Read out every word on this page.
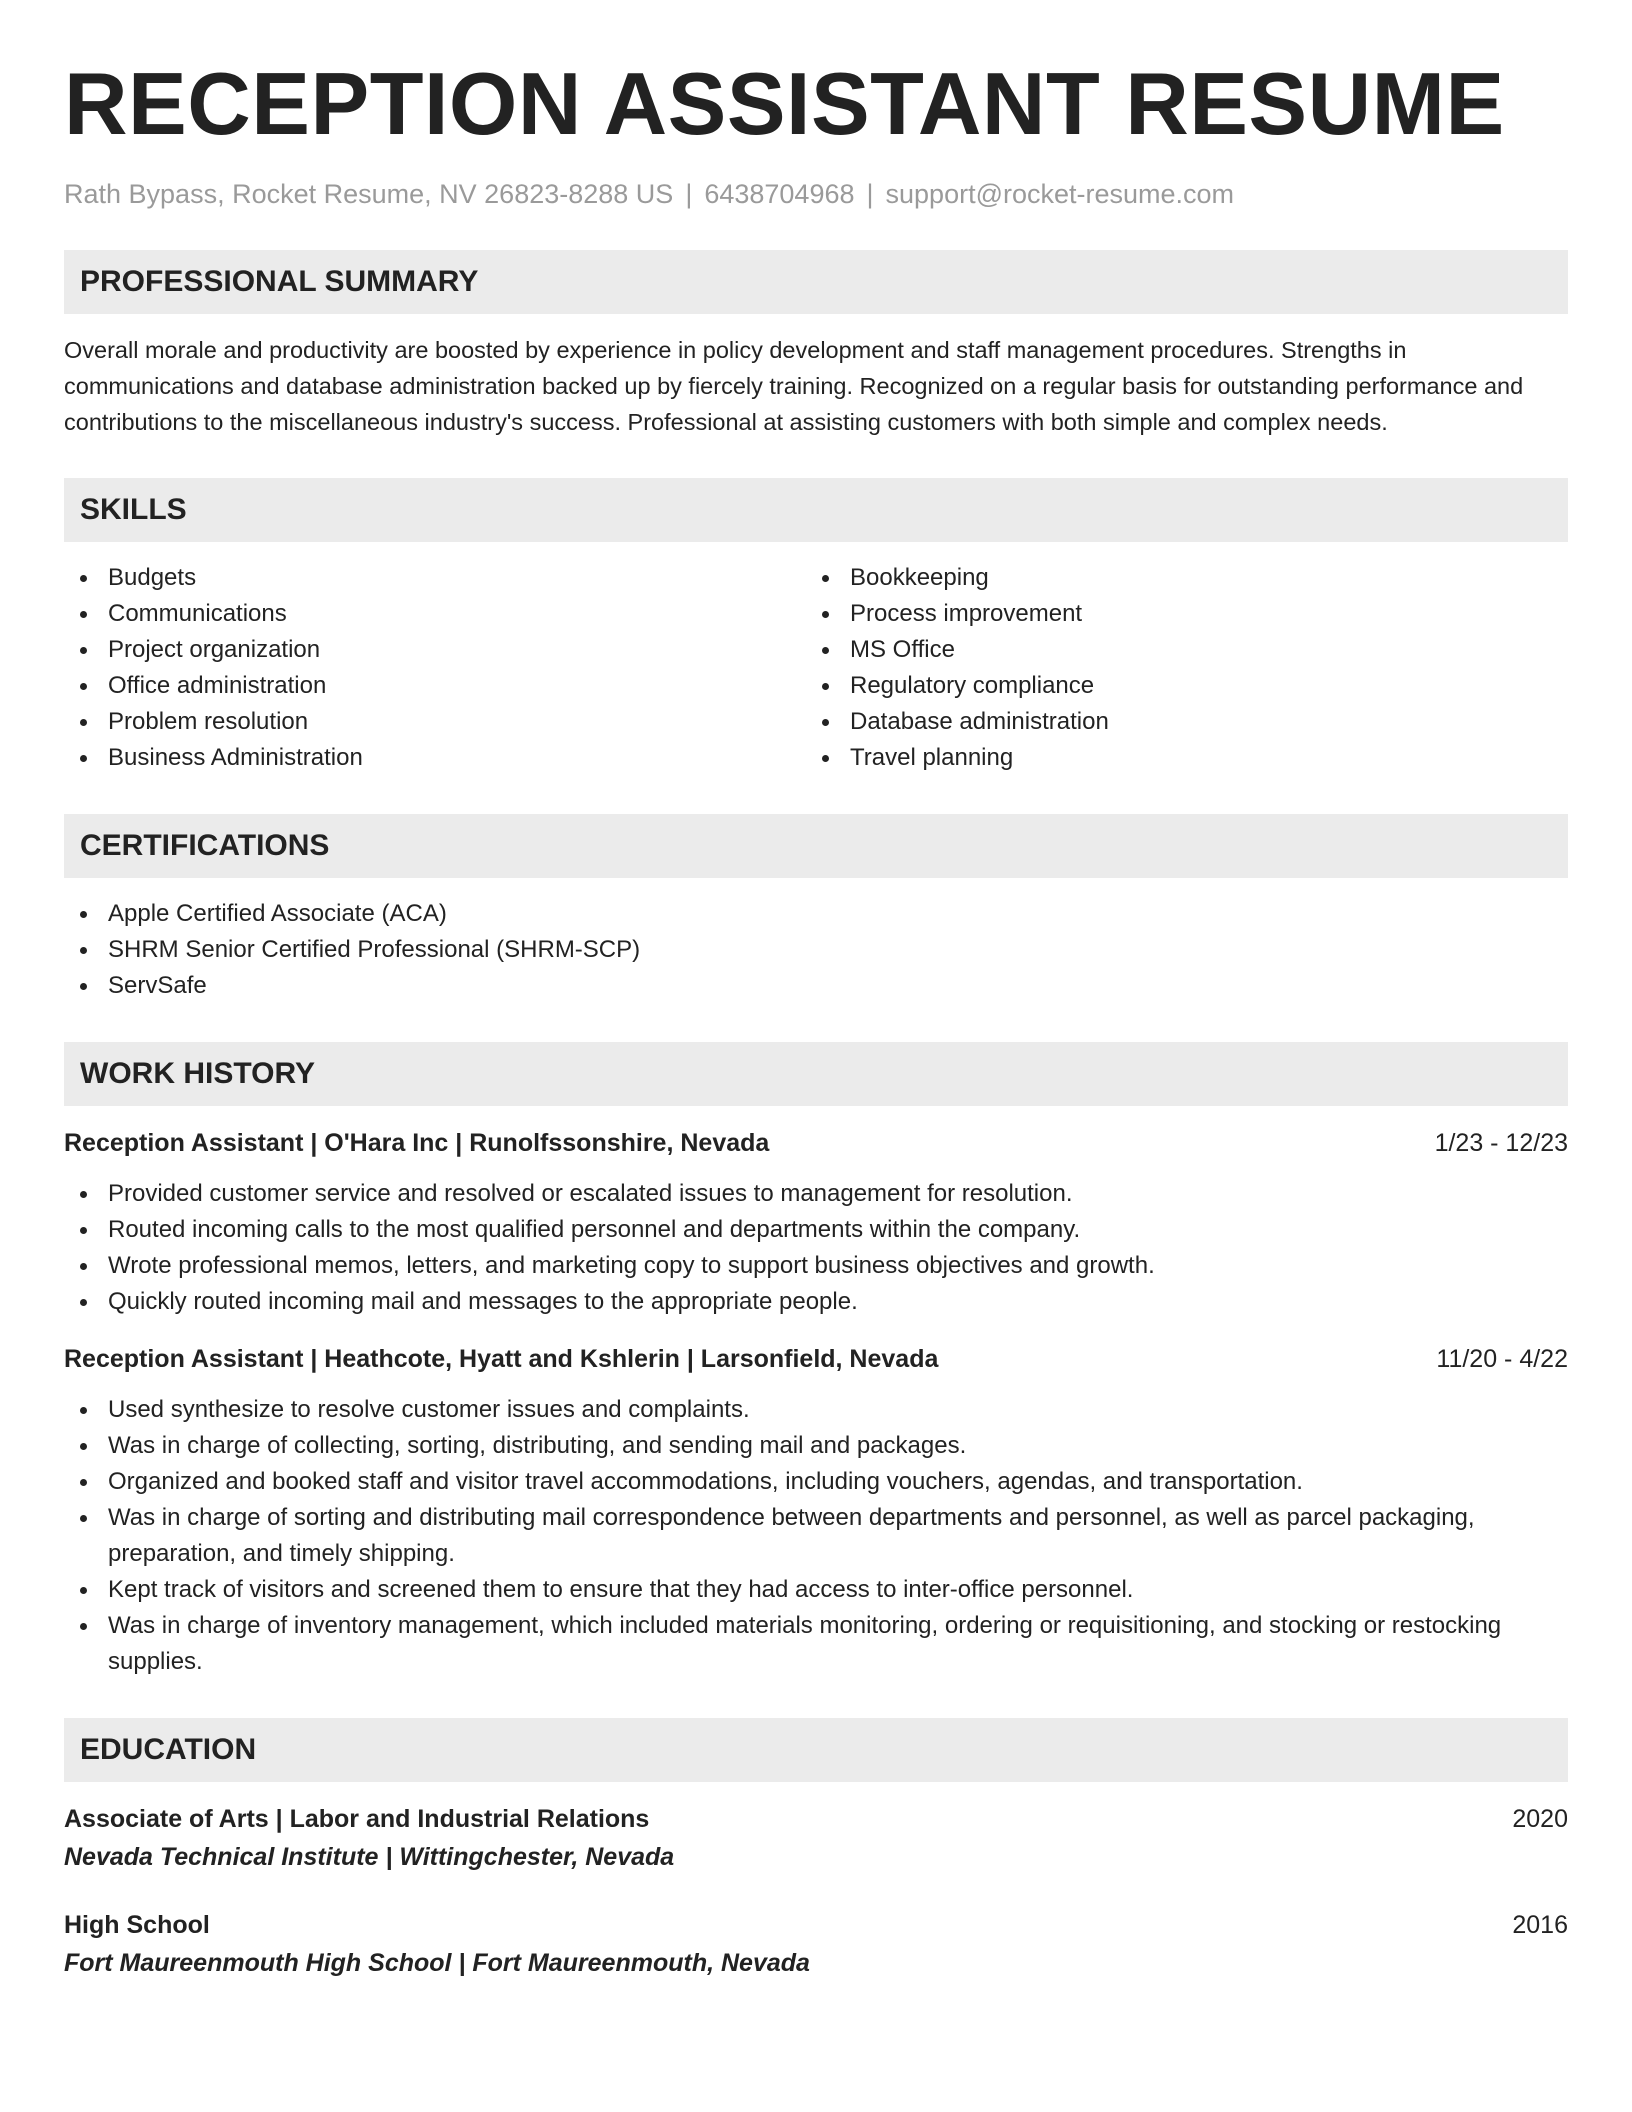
RECEPTION ASSISTANT RESUME
Rath Bypass, Rocket Resume, NV 26823-8288 US | 6438704968 | support@rocket-resume.com
PROFESSIONAL SUMMARY

Overall morale and productivity are boosted by experience in policy development and staff management procedures. Strengths in communications and database administration backed up by fiercely training. Recognized on a regular basis for outstanding performance and contributions to the miscellaneous industry's success. Professional at assisting customers with both simple and complex needs.

SKILLS
Budgets
Communications
Project organization
Office administration
Problem resolution
Business Administration
Bookkeeping
Process improvement
MS Office
Regulatory compliance
Database administration
Travel planning
CERTIFICATIONS
Apple Certified Associate (ACA)
SHRM Senior Certified Professional (SHRM-SCP)
ServSafe
WORK HISTORY
Reception Assistant | O'Hara Inc | Runolfssonshire, Nevada	1/23 - 12/23
Provided customer service and resolved or escalated issues to management for resolution.
Routed incoming calls to the most qualified personnel and departments within the company.
Wrote professional memos, letters, and marketing copy to support business objectives and growth.
Quickly routed incoming mail and messages to the appropriate people.
Reception Assistant | Heathcote, Hyatt and Kshlerin | Larsonfield, Nevada	11/20 - 4/22
Used synthesize to resolve customer issues and complaints.
Was in charge of collecting, sorting, distributing, and sending mail and packages.
Organized and booked staff and visitor travel accommodations, including vouchers, agendas, and transportation.
Was in charge of sorting and distributing mail correspondence between departments and personnel, as well as parcel packaging, preparation, and timely shipping.
Kept track of visitors and screened them to ensure that they had access to inter-office personnel.
Was in charge of inventory management, which included materials monitoring, ordering or requisitioning, and stocking or restocking supplies.
EDUCATION
Associate of Arts | Labor and Industrial Relations	2020
Nevada Technical Institute | Wittingchester, Nevada
High School	2016
Fort Maureenmouth High School | Fort Maureenmouth, Nevada
